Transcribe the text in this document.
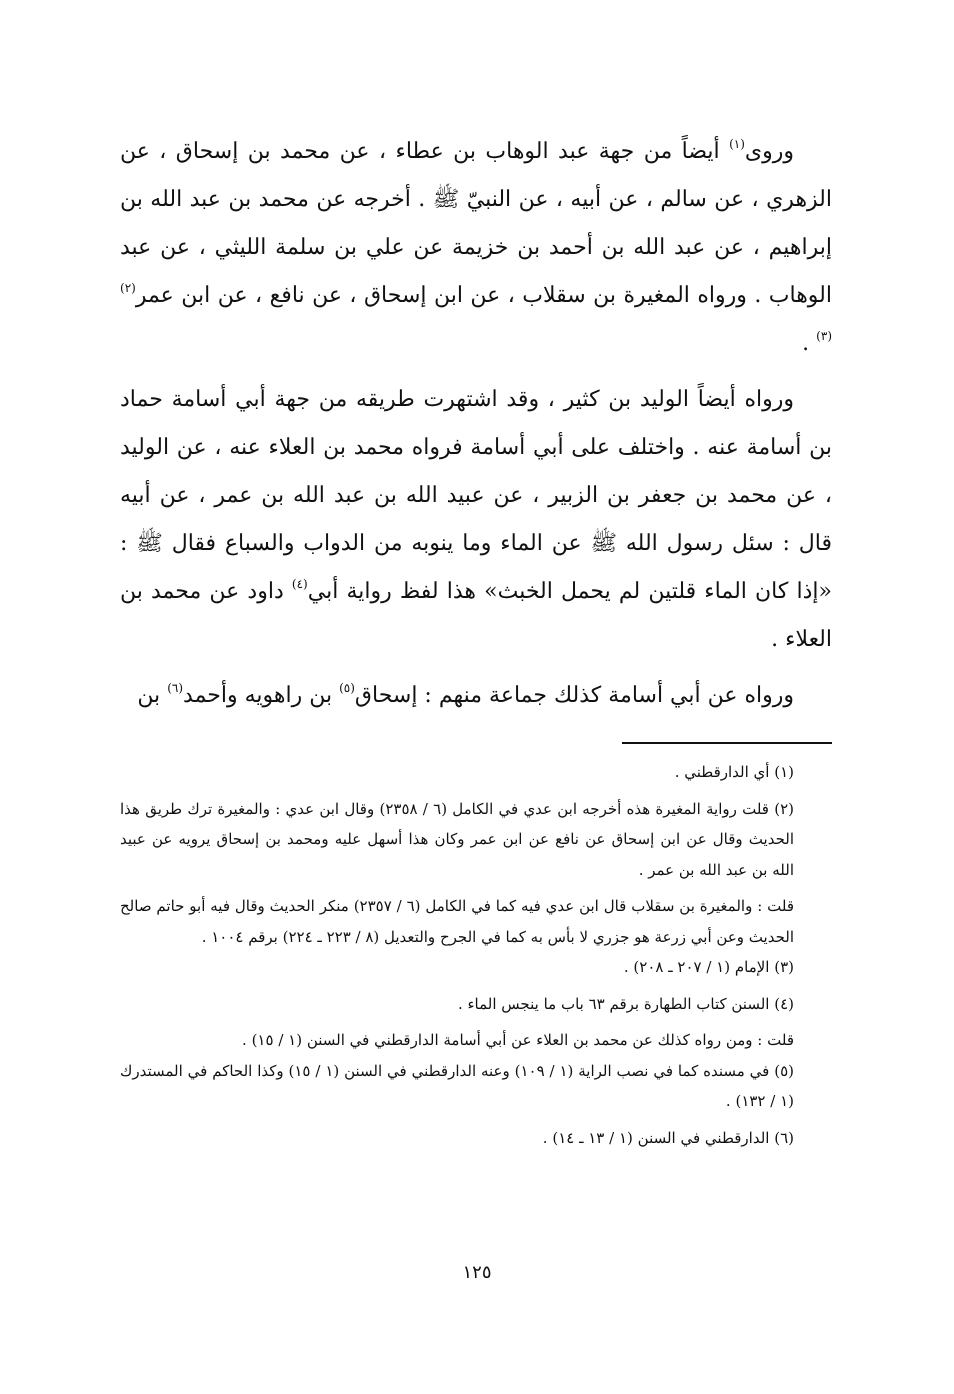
وروى$^{(١)}$ أيضاً من جهة عبد الوهاب بن عطاء ، عن محمد بن إسحاق ، عن الزهري ، عن سالم ، عن أبيه ، عن النبيّ ﷺ . أخرجه عن محمد بن عبد الله بن إبراهيم ، عن عبد الله بن أحمد بن خزيمة عن علي بن سلمة الليثي ، عن عبد الوهاب . ورواه المغيرة بن سقلاب ، عن ابن إسحاق ، عن نافع ، عن ابن عمر$^{(٢)(٣)}$ .

ورواه أيضاً الوليد بن كثير ، وقد اشتهرت طريقه من جهة أبي أسامة حماد بن أسامة عنه . واختلف على أبي أسامة فرواه محمد بن العلاء عنه ، عن الوليد ، عن محمد بن جعفر بن الزبير ، عن عبيد الله بن عبد الله بن عمر ، عن أبيه قال : سئل رسول الله ﷺ عن الماء وما ينوبه من الدواب والسباع فقال ﷺ : «إذا كان الماء قلتين لم يحمل الخبث» هذا لفظ رواية أبي$^{(٤)}$ داود عن محمد بن العلاء .

ورواه عن أبي أسامة كذلك جماعة منهم : إسحاق$^{(٥)}$ بن راهويه وأحمد$^{(٦)}$ بن

(١) أي الدارقطني .
(٢) قلت رواية المغيرة هذه أخرجه ابن عدي في الكامل (٦ / ٢٣٥٨) وقال ابن عدي : والمغيرة ترك طريق هذا الحديث وقال عن ابن إسحاق عن نافع عن ابن عمر وكان هذا أسهل عليه ومحمد بن إسحاق يرويه عن عبيد الله بن عبد الله بن عمر .
قلت : والمغيرة بن سقلاب قال ابن عدي فيه كما في الكامل (٦ / ٢٣٥٧) منكر الحديث وقال فيه أبو حاتم صالح الحديث وعن أبي زرعة هو جزري لا بأس به كما في الجرح والتعديل (٨ / ٢٢٣ ـ ٢٢٤) برقم ١٠٠٤ .
(٣) الإمام (١ / ٢٠٧ ـ ٢٠٨) .
(٤) السنن كتاب الطهارة برقم ٦٣ باب ما ينجس الماء .
قلت : ومن رواه كذلك عن محمد بن العلاء عن أبي أسامة الدارقطني في السنن (١ / ١٥) .
(٥) في مسنده كما في نصب الراية (١ / ١٠٩) وعنه الدارقطني في السنن (١ / ١٥) وكذا الحاكم في المستدرك (١ / ١٣٢) .
(٦) الدارقطني في السنن (١ / ١٣ ـ ١٤) .
١٢٥
